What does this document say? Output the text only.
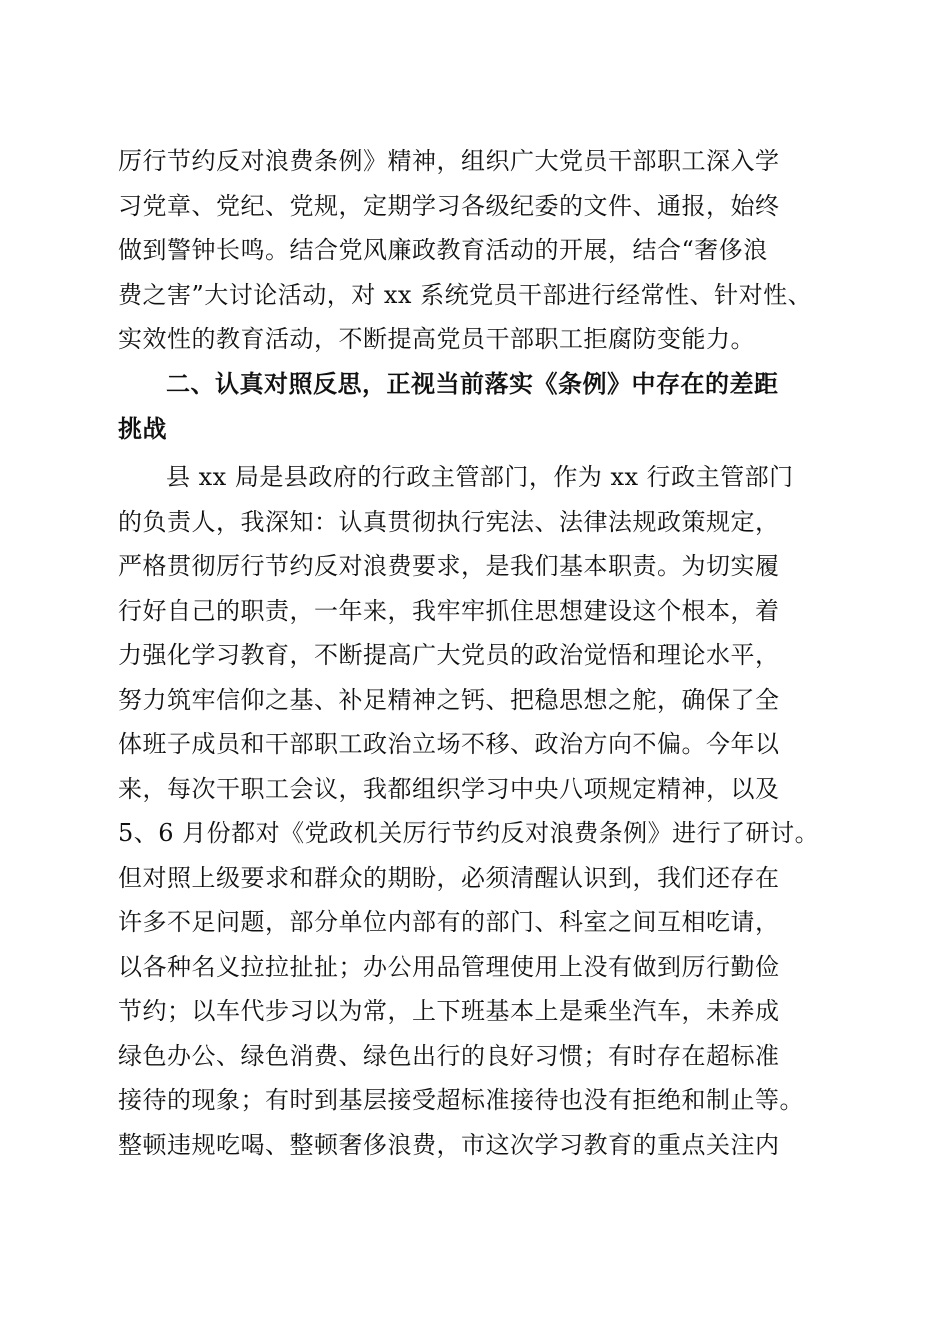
厉行节约反对浪费条例》精神，组织广大党员干部职工深入学
习党章、党纪、党规，定期学习各级纪委的文件、通报，始终
做到警钟长鸣。结合党风廉政教育活动的开展，结合“奢侈浪
费之害”大讨论活动，对 xx 系统党员干部进行经常性、针对性、
实效性的教育活动，不断提高党员干部职工拒腐防变能力。
二、认真对照反思，正视当前落实《条例》中存在的差距
挑战
县 xx 局是县政府的行政主管部门，作为 xx 行政主管部门
的负责人，我深知：认真贯彻执行宪法、法律法规政策规定，
严格贯彻厉行节约反对浪费要求，是我们基本职责。为切实履
行好自己的职责，一年来，我牢牢抓住思想建设这个根本，着
力强化学习教育，不断提高广大党员的政治觉悟和理论水平，
努力筑牢信仰之基、补足精神之钙、把稳思想之舵，确保了全
体班子成员和干部职工政治立场不移、政治方向不偏。今年以
来，每次干职工会议，我都组织学习中央八项规定精神，以及
5、6 月份都对《党政机关厉行节约反对浪费条例》进行了研讨。
但对照上级要求和群众的期盼，必须清醒认识到，我们还存在
许多不足问题，部分单位内部有的部门、科室之间互相吃请，
以各种名义拉拉扯扯；办公用品管理使用上没有做到厉行勤俭
节约；以车代步习以为常，上下班基本上是乘坐汽车，未养成
绿色办公、绿色消费、绿色出行的良好习惯；有时存在超标准
接待的现象；有时到基层接受超标准接待也没有拒绝和制止等。
整顿违规吃喝、整顿奢侈浪费，市这次学习教育的重点关注内
